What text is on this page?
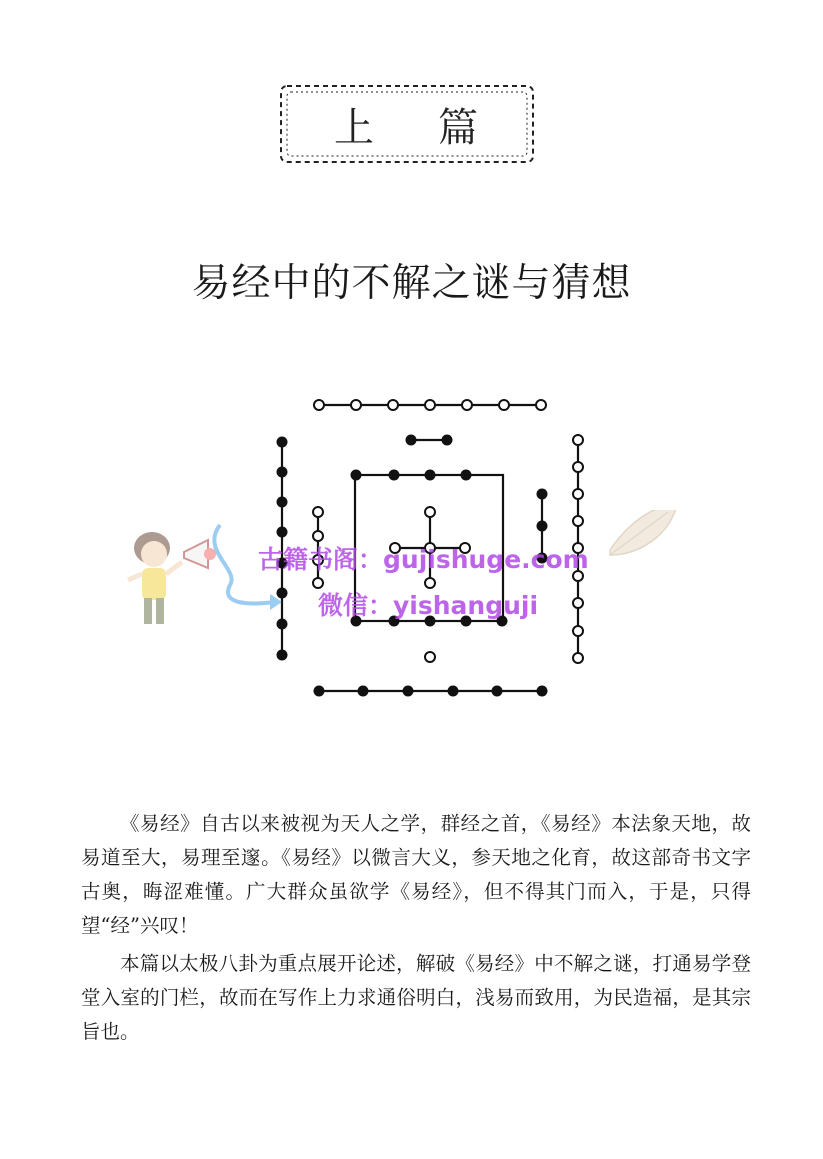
上 篇
易经中的不解之谜与猜想
古籍书阁：gujishuge.com
微信：yishanguji

《易经》自古以来被视为天人之学，群经之首，《易经》本法象天地，故易道至大，易理至邃。《易经》以微言大义，参天地之化育，故这部奇书文字古奥，晦涩难懂。广大群众虽欲学《易经》，但不得其门而入，于是，只得望“经”兴叹！

本篇以太极八卦为重点展开论述，解破《易经》中不解之谜，打通易学登堂入室的门栏，故而在写作上力求通俗明白，浅易而致用，为民造福，是其宗旨也。
